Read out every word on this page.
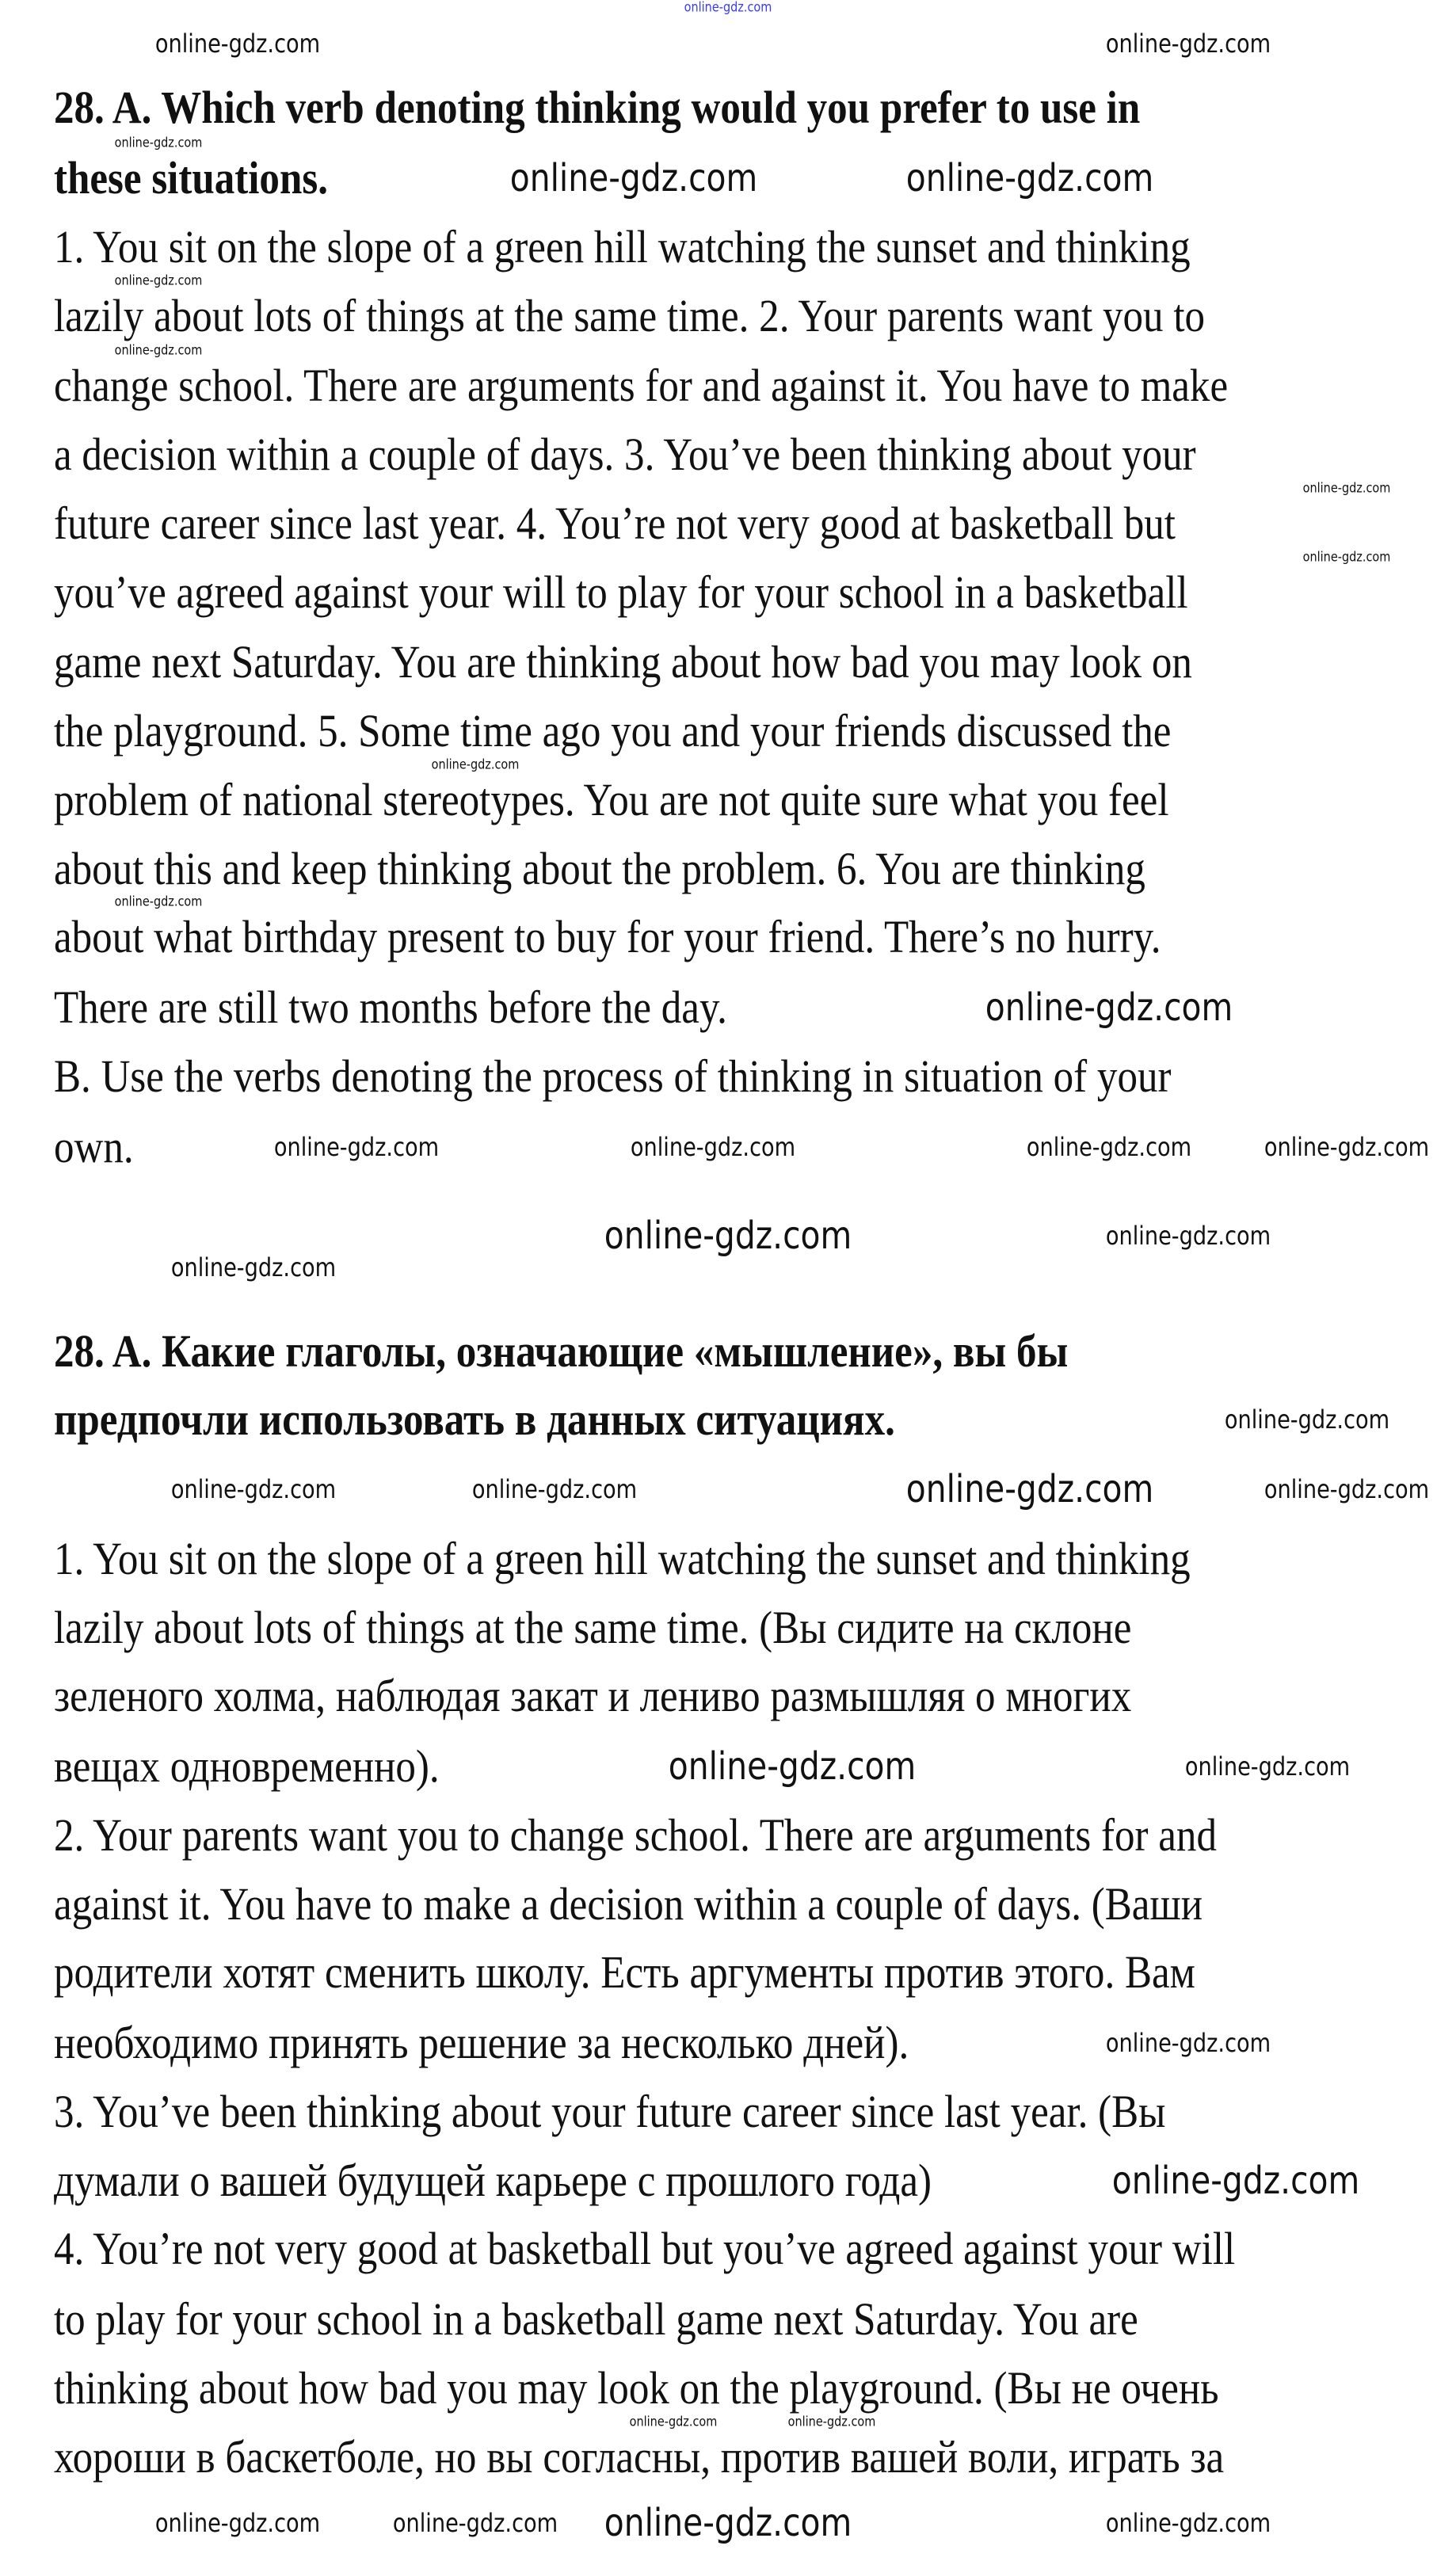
28. A. Which verb denoting thinking would you prefer to use in
these situations.
1. You sit on the slope of a green hill watching the sunset and thinking
lazily about lots of things at the same time. 2. Your parents want you to
change school. There are arguments for and against it. You have to make
a decision within a couple of days. 3. You’ve been thinking about your
future career since last year. 4. You’re not very good at basketball but
you’ve agreed against your will to play for your school in a basketball
game next Saturday. You are thinking about how bad you may look on
the playground. 5. Some time ago you and your friends discussed the
problem of national stereotypes. You are not quite sure what you feel
about this and keep thinking about the problem. 6. You are thinking
about what birthday present to buy for your friend. There’s no hurry.
There are still two months before the day.
B. Use the verbs denoting the process of thinking in situation of your
own.
28. A. Какие глаголы, означающие «мышление», вы бы
предпочли использовать в данных ситуациях.
1. You sit on the slope of a green hill watching the sunset and thinking
lazily about lots of things at the same time. (Вы сидите на склоне
зеленого холма, наблюдая закат и лениво размышляя о многих
вещах одновременно).
2. Your parents want you to change school. There are arguments for and
against it. You have to make a decision within a couple of days. (Ваши
родители хотят сменить школу. Есть аргументы против этого. Вам
необходимо принять решение за несколько дней).
3. You’ve been thinking about your future career since last year. (Вы
думали о вашей будущей карьере с прошлого года)
4. You’re not very good at basketball but you’ve agreed against your will
to play for your school in a basketball game next Saturday. You are
thinking about how bad you may look on the playground. (Вы не очень
хороши в баскетболе, но вы согласны, против вашей воли, играть за
online-gdz.com
online-gdz.com	online-gdz.com
online-gdz.com
online-gdz.com
online-gdz.com
online-gdz.com
online-gdz.com
online-gdz.com
online-gdz.com	online-gdz.com
online-gdz.com	online-gdz.com	online-gdz.com	online-gdz.com
online-gdz.com
online-gdz.com
online-gdz.com
online-gdz.com	online-gdz.com	online-gdz.com
online-gdz.com
online-gdz.com
online-gdz.com	online-gdz.com	online-gdz.com
online-gdz.com
online-gdz.com
online-gdz.com
online-gdz.com
online-gdz.com
online-gdz.com
online-gdz.com
online-gdz.com	online-gdz.com
